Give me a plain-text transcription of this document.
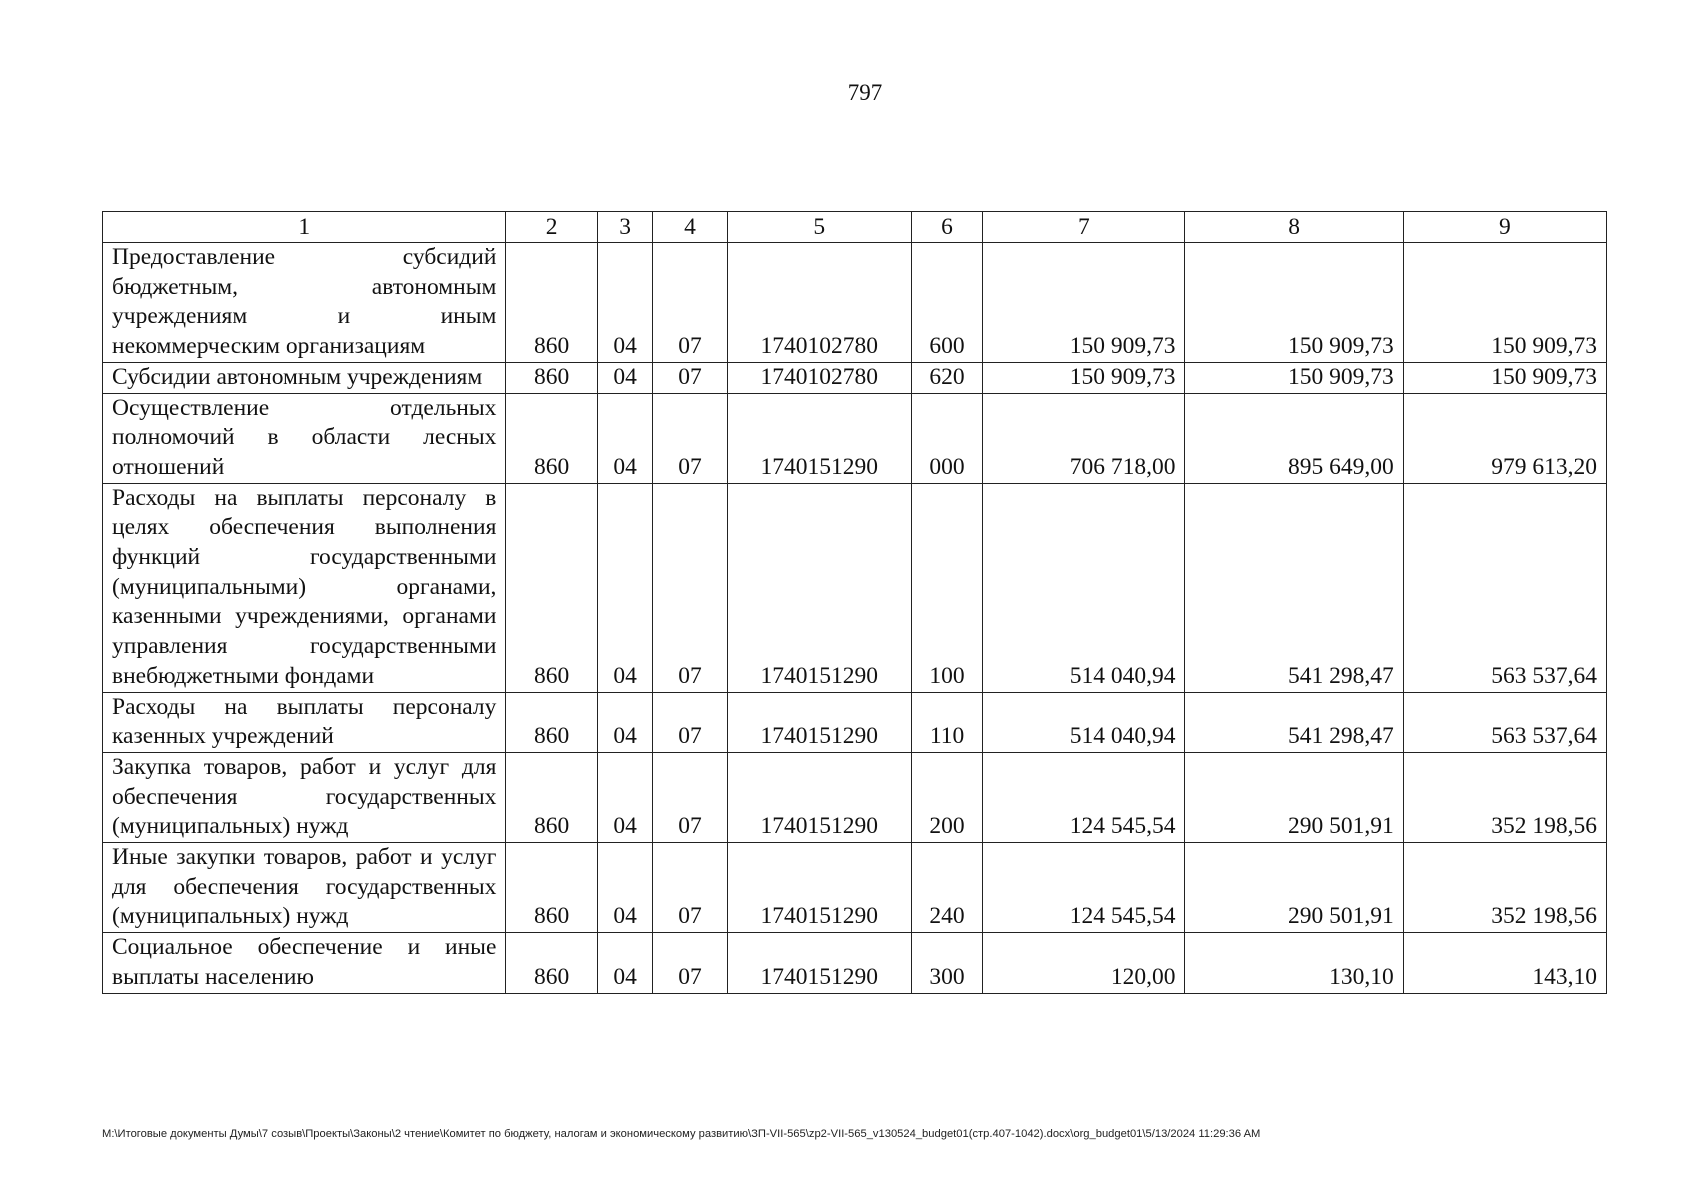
797
1	2	3	4	5	6	7	8	9
Предоставление субсидий бюджетным, автономным учреждениям и иным некоммерческим организациям	860	04	07	1740102780	600	150 909,73	150 909,73	150 909,73
Субсидии автономным учреждениям	860	04	07	1740102780	620	150 909,73	150 909,73	150 909,73
Осуществление отдельных полномочий в области лесных отношений	860	04	07	1740151290	000	706 718,00	895 649,00	979 613,20
Расходы на выплаты персоналу в целях обеспечения выполнения функций государственными (муниципальными) органами, казенными учреждениями, органами управления государственными внебюджетными фондами	860	04	07	1740151290	100	514 040,94	541 298,47	563 537,64
Расходы на выплаты персоналу казенных учреждений	860	04	07	1740151290	110	514 040,94	541 298,47	563 537,64
Закупка товаров, работ и услуг для обеспечения государственных (муниципальных) нужд	860	04	07	1740151290	200	124 545,54	290 501,91	352 198,56
Иные закупки товаров, работ и услуг для обеспечения государственных (муниципальных) нужд	860	04	07	1740151290	240	124 545,54	290 501,91	352 198,56
Социальное обеспечение и иные выплаты населению	860	04	07	1740151290	300	120,00	130,10	143,10
M:\Итоговые документы Думы\7 созыв\Проекты\Законы\2 чтение\Комитет по бюджету, налогам и экономическому развитию\ЗП-VII-565\zp2-VII-565_v130524_budget01(стр.407-1042).docx\org_budget01\5/13/2024 11:29:36 AM
